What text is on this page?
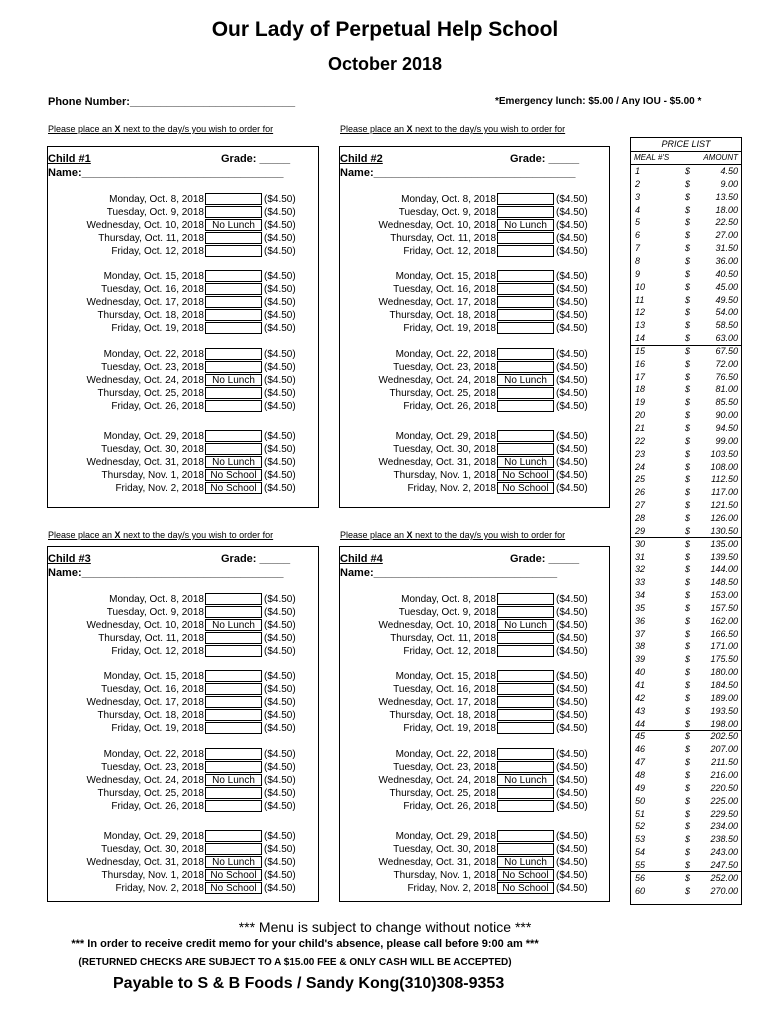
Our Lady of Perpetual Help School
October 2018
Phone Number:___________________________	*Emergency lunch: $5.00 / Any IOU - $5.00 *
Please place an X next to the day/s you wish to order for
Child #1	Grade: _____
Name:_________________________________
Monday, Oct. 8, 2018	($4.50)
Tuesday, Oct. 9, 2018	($4.50)
Wednesday, Oct. 10, 2018 No Lunch ($4.50)
Thursday, Oct. 11, 2018	($4.50)
Friday, Oct. 12, 2018	($4.50)
Monday, Oct. 15, 2018	($4.50)
Tuesday, Oct. 16, 2018	($4.50)
Wednesday, Oct. 17, 2018	($4.50)
Thursday, Oct. 18, 2018	($4.50)
Friday, Oct. 19, 2018	($4.50)
Monday, Oct. 22, 2018	($4.50)
Tuesday, Oct. 23, 2018	($4.50)
Wednesday, Oct. 24, 2018 No Lunch ($4.50)
Thursday, Oct. 25, 2018	($4.50)
Friday, Oct. 26, 2018	($4.50)
Monday, Oct. 29, 2018	($4.50)
Tuesday, Oct. 30, 2018	($4.50)
Wednesday, Oct. 31, 2018 No Lunch ($4.50)
Thursday, Nov. 1, 2018 No School ($4.50)
Friday, Nov. 2, 2018 No School ($4.50)
Please place an X next to the day/s you wish to order for
Child #2	Grade: _____
Name:_________________________________
Monday, Oct. 8, 2018	($4.50)
Tuesday, Oct. 9, 2018	($4.50)
Wednesday, Oct. 10, 2018 No Lunch ($4.50)
Thursday, Oct. 11, 2018	($4.50)
Friday, Oct. 12, 2018	($4.50)
Monday, Oct. 15, 2018	($4.50)
Tuesday, Oct. 16, 2018	($4.50)
Wednesday, Oct. 17, 2018	($4.50)
Thursday, Oct. 18, 2018	($4.50)
Friday, Oct. 19, 2018	($4.50)
Monday, Oct. 22, 2018	($4.50)
Tuesday, Oct. 23, 2018	($4.50)
Wednesday, Oct. 24, 2018 No Lunch ($4.50)
Thursday, Oct. 25, 2018	($4.50)
Friday, Oct. 26, 2018	($4.50)
Monday, Oct. 29, 2018	($4.50)
Tuesday, Oct. 30, 2018	($4.50)
Wednesday, Oct. 31, 2018 No Lunch ($4.50)
Thursday, Nov. 1, 2018 No School ($4.50)
Friday, Nov. 2, 2018 No School ($4.50)
Please place an X next to the day/s you wish to order for
Child #3	Grade: _____
Name:_________________________________
Monday, Oct. 8, 2018	($4.50)
Tuesday, Oct. 9, 2018	($4.50)
Wednesday, Oct. 10, 2018 No Lunch ($4.50)
Thursday, Oct. 11, 2018	($4.50)
Friday, Oct. 12, 2018	($4.50)
Monday, Oct. 15, 2018	($4.50)
Tuesday, Oct. 16, 2018	($4.50)
Wednesday, Oct. 17, 2018	($4.50)
Thursday, Oct. 18, 2018	($4.50)
Friday, Oct. 19, 2018	($4.50)
Monday, Oct. 22, 2018	($4.50)
Tuesday, Oct. 23, 2018	($4.50)
Wednesday, Oct. 24, 2018 No Lunch ($4.50)
Thursday, Oct. 25, 2018	($4.50)
Friday, Oct. 26, 2018	($4.50)
Monday, Oct. 29, 2018	($4.50)
Tuesday, Oct. 30, 2018	($4.50)
Wednesday, Oct. 31, 2018 No Lunch ($4.50)
Thursday, Nov. 1, 2018 No School ($4.50)
Friday, Nov. 2, 2018 No School ($4.50)
Please place an X next to the day/s you wish to order for
Child #4	Grade: _____
Name:______________________________
Monday, Oct. 8, 2018	($4.50)
Tuesday, Oct. 9, 2018	($4.50)
Wednesday, Oct. 10, 2018 No Lunch ($4.50)
Thursday, Oct. 11, 2018	($4.50)
Friday, Oct. 12, 2018	($4.50)
Monday, Oct. 15, 2018	($4.50)
Tuesday, Oct. 16, 2018	($4.50)
Wednesday, Oct. 17, 2018	($4.50)
Thursday, Oct. 18, 2018	($4.50)
Friday, Oct. 19, 2018	($4.50)
Monday, Oct. 22, 2018	($4.50)
Tuesday, Oct. 23, 2018	($4.50)
Wednesday, Oct. 24, 2018 No Lunch ($4.50)
Thursday, Oct. 25, 2018	($4.50)
Friday, Oct. 26, 2018	($4.50)
Monday, Oct. 29, 2018	($4.50)
Tuesday, Oct. 30, 2018	($4.50)
Wednesday, Oct. 31, 2018 No Lunch ($4.50)
Thursday, Nov. 1, 2018 No School ($4.50)
Friday, Nov. 2, 2018 No School ($4.50)
PRICE LIST
MEAL #'S	AMOUNT
1	$	4.50
2	$	9.00
3	$	13.50
4	$	18.00
5	$	22.50
6	$	27.00
7	$	31.50
8	$	36.00
9	$	40.50
10	$	45.00
11	$	49.50
12	$	54.00
13	$	58.50
14	$	63.00
15	$	67.50
16	$	72.00
17	$	76.50
18	$	81.00
19	$	85.50
20	$	90.00
21	$	94.50
22	$	99.00
23	$ 103.50
24	$ 108.00
25	$ 112.50
26	$ 117.00
27	$ 121.50
28	$ 126.00
29	$ 130.50
30	$ 135.00
31	$ 139.50
32	$ 144.00
33	$ 148.50
34	$ 153.00
35	$ 157.50
36	$ 162.00
37	$ 166.50
38	$ 171.00
39	$ 175.50
40	$ 180.00
41	$ 184.50
42	$ 189.00
43	$ 193.50
44	$ 198.00
45	$ 202.50
46	$ 207.00
47	$ 211.50
48	$ 216.00
49	$ 220.50
50	$ 225.00
51	$ 229.50
52	$ 234.00
53	$ 238.50
54	$ 243.00
55	$ 247.50
56	$ 252.00
60	$ 270.00
*** Menu is subject to change without notice ***
*** In order to receive credit memo for your child's absence, please call before 9:00 am ***
(RETURNED CHECKS ARE SUBJECT TO A $15.00 FEE & ONLY CASH WILL BE ACCEPTED)
Payable to S & B Foods / Sandy Kong(310)308-9353
